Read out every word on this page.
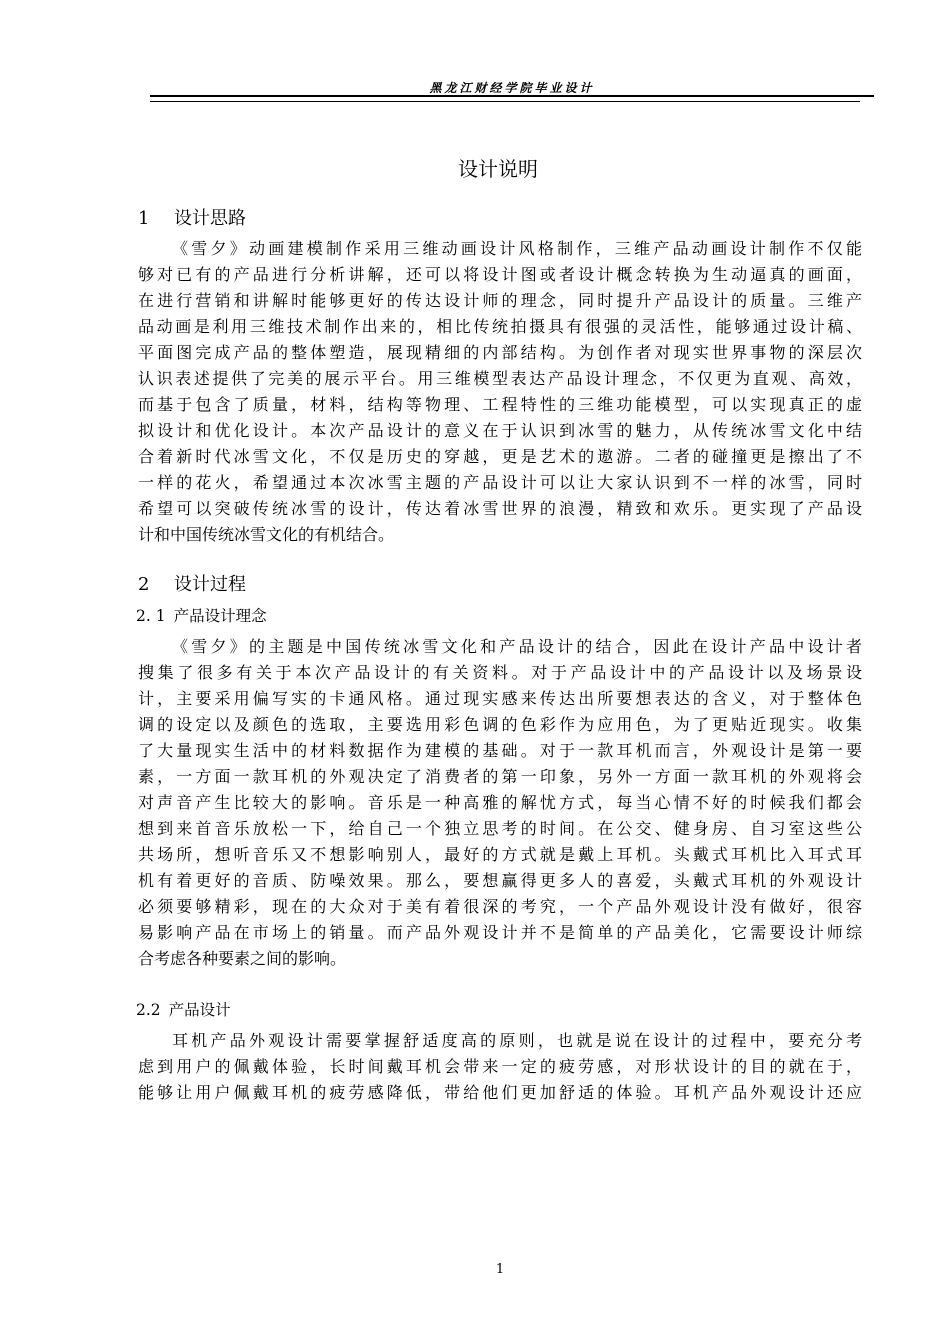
黑龙江财经学院毕业设计
设计说明
1 设计思路
《雪夕》动画建模制作采用三维动画设计风格制作，三维产品动画设计制作不仅能
够对已有的产品进行分析讲解，还可以将设计图或者设计概念转换为生动逼真的画面，
在进行营销和讲解时能够更好的传达设计师的理念，同时提升产品设计的质量。三维产
品动画是利用三维技术制作出来的，相比传统拍摄具有很强的灵活性，能够通过设计稿、
平面图完成产品的整体塑造，展现精细的内部结构。为创作者对现实世界事物的深层次
认识表述提供了完美的展示平台。用三维模型表达产品设计理念，不仅更为直观、高效，
而基于包含了质量，材料，结构等物理、工程特性的三维功能模型，可以实现真正的虚
拟设计和优化设计。本次产品设计的意义在于认识到冰雪的魅力，从传统冰雪文化中结
合着新时代冰雪文化，不仅是历史的穿越，更是艺术的遨游。二者的碰撞更是擦出了不
一样的花火，希望通过本次冰雪主题的产品设计可以让大家认识到不一样的冰雪，同时
希望可以突破传统冰雪的设计，传达着冰雪世界的浪漫，精致和欢乐。更实现了产品设
计和中国传统冰雪文化的有机结合。
2 设计过程
2. 1 产品设计理念
《雪夕》的主题是中国传统冰雪文化和产品设计的结合，因此在设计产品中设计者
搜集了很多有关于本次产品设计的有关资料。对于产品设计中的产品设计以及场景设
计，主要采用偏写实的卡通风格。通过现实感来传达出所要想表达的含义，对于整体色
调的设定以及颜色的选取，主要选用彩色调的色彩作为应用色，为了更贴近现实。收集
了大量现实生活中的材料数据作为建模的基础。对于一款耳机而言，外观设计是第一要
素，一方面一款耳机的外观决定了消费者的第一印象，另外一方面一款耳机的外观将会
对声音产生比较大的影响。音乐是一种高雅的解忧方式，每当心情不好的时候我们都会
想到来首音乐放松一下，给自己一个独立思考的时间。在公交、健身房、自习室这些公
共场所，想听音乐又不想影响别人，最好的方式就是戴上耳机。头戴式耳机比入耳式耳
机有着更好的音质、防噪效果。那么，要想赢得更多人的喜爱，头戴式耳机的外观设计
必须要够精彩，现在的大众对于美有着很深的考究，一个产品外观设计没有做好，很容
易影响产品在市场上的销量。而产品外观设计并不是简单的产品美化，它需要设计师综
合考虑各种要素之间的影响。
2.2 产品设计
耳机产品外观设计需要掌握舒适度高的原则，也就是说在设计的过程中，要充分考
虑到用户的佩戴体验，长时间戴耳机会带来一定的疲劳感，对形状设计的目的就在于，
能够让用户佩戴耳机的疲劳感降低，带给他们更加舒适的体验。耳机产品外观设计还应
1
